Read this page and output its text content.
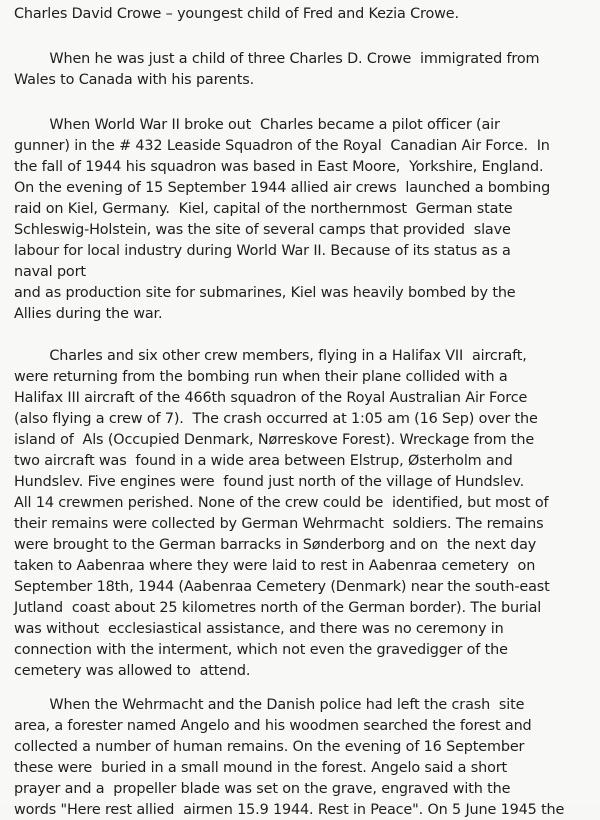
Charles David Crowe – youngest child of Fred and Kezia Crowe.
When he was just a child of three Charles D. Crowe  immigrated from
Wales to Canada with his parents.
When World War II broke out  Charles became a pilot officer (air
gunner) in the # 432 Leaside Squadron of the Royal  Canadian Air Force.  In
the fall of 1944 his squadron was based in East Moore,  Yorkshire, England.
On the evening of 15 September 1944 allied air crews  launched a bombing
raid on Kiel, Germany.  Kiel, capital of the northernmost  German state
Schleswig-Holstein, was the site of several camps that provided  slave
labour for local industry during World War II. Because of its status as a
naval port
and as production site for submarines, Kiel was heavily bombed by the
Allies during the war.
Charles and six other crew members, flying in a Halifax VII  aircraft,
were returning from the bombing run when their plane collided with a
Halifax III aircraft of the 466th squadron of the Royal Australian Air Force
(also flying a crew of 7).  The crash occurred at 1:05 am (16 Sep) over the
island of  Als (Occupied Denmark, Nørreskove Forest). Wreckage from the
two aircraft was  found in a wide area between Elstrup, Østerholm and
Hundslev. Five engines were  found just north of the village of Hundslev.
All 14 crewmen perished. None of the crew could be  identified, but most of
their remains were collected by German Wehrmacht  soldiers. The remains
were brought to the German barracks in Sønderborg and on  the next day
taken to Aabenraa where they were laid to rest in Aabenraa cemetery  on
September 18th, 1944 (Aabenraa Cemetery (Denmark) near the south-east
Jutland  coast about 25 kilometres north of the German border). The burial
was without  ecclesiastical assistance, and there was no ceremony in
connection with the interment, which not even the gravedigger of the
cemetery was allowed to  attend.
When the Wehrmacht and the Danish police had left the crash  site
area, a forester named Angelo and his woodmen searched the forest and
collected a number of human remains. On the evening of 16 September
these were  buried in a small mound in the forest. Angelo said a short
prayer and a  propeller blade was set on the grave, engraved with the
words "Here rest allied  airmen 15.9 1944. Rest in Peace". On 5 June 1945 the
